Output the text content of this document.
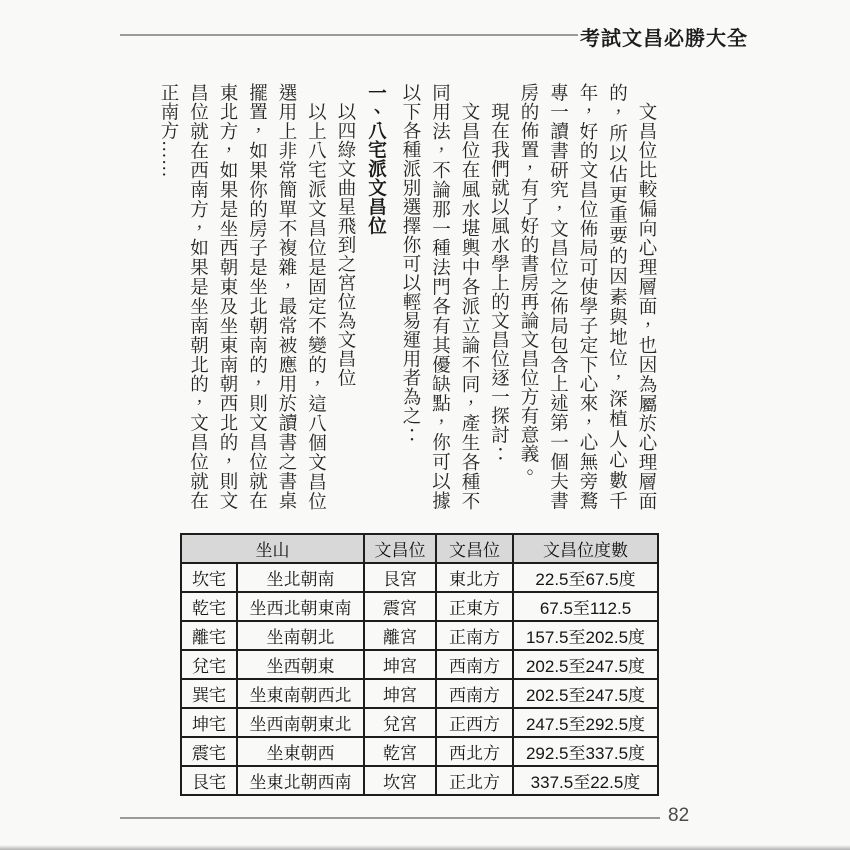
考試文昌必勝大全

文昌位比較偏向心理層面，也因為屬於心理層面的，所以佔更重要的因素與地位，深植人心數千年，好的文昌位佈局可使學子定下心來，心無旁鶩專一讀書研究，文昌位之佈局包含上述第一個夫書房的佈置，有了好的書房再論文昌位方有意義。

現在我們就以風水學上的文昌位逐一探討：

文昌位在風水堪輿中各派立論不同，產生各種不同用法，不論那一種法門各有其優缺點，你可以據以下各種派別選擇你可以輕易運用者為之：

一、八宅派文昌位

以四綠文曲星飛到之宮位為文昌位

以上八宅派文昌位是固定不變的，這八個文昌位選用上非常簡單不複雜，最常被應用於讀書之書桌擺置，如果你的房子是坐北朝南的，則文昌位就在東北方，如果是坐西朝東及坐東南朝西北的，則文昌位就在西南方，如果是坐南朝北的，文昌位就在正南方……

坐山		文昌位	文昌位	文昌位度數
坎宅	坐北朝南	艮宮	東北方	22.5至67.5度
乾宅	坐西北朝東南	震宮	正東方	67.5至112.5
離宅	坐南朝北	離宮	正南方	157.5至202.5度
兌宅	坐西朝東	坤宮	西南方	202.5至247.5度
巽宅	坐東南朝西北	坤宮	西南方	202.5至247.5度
坤宅	坐西南朝東北	兌宮	正西方	247.5至292.5度
震宅	坐東朝西	乾宮	西北方	292.5至337.5度
艮宅	坐東北朝西南	坎宮	正北方	337.5至22.5度
82
